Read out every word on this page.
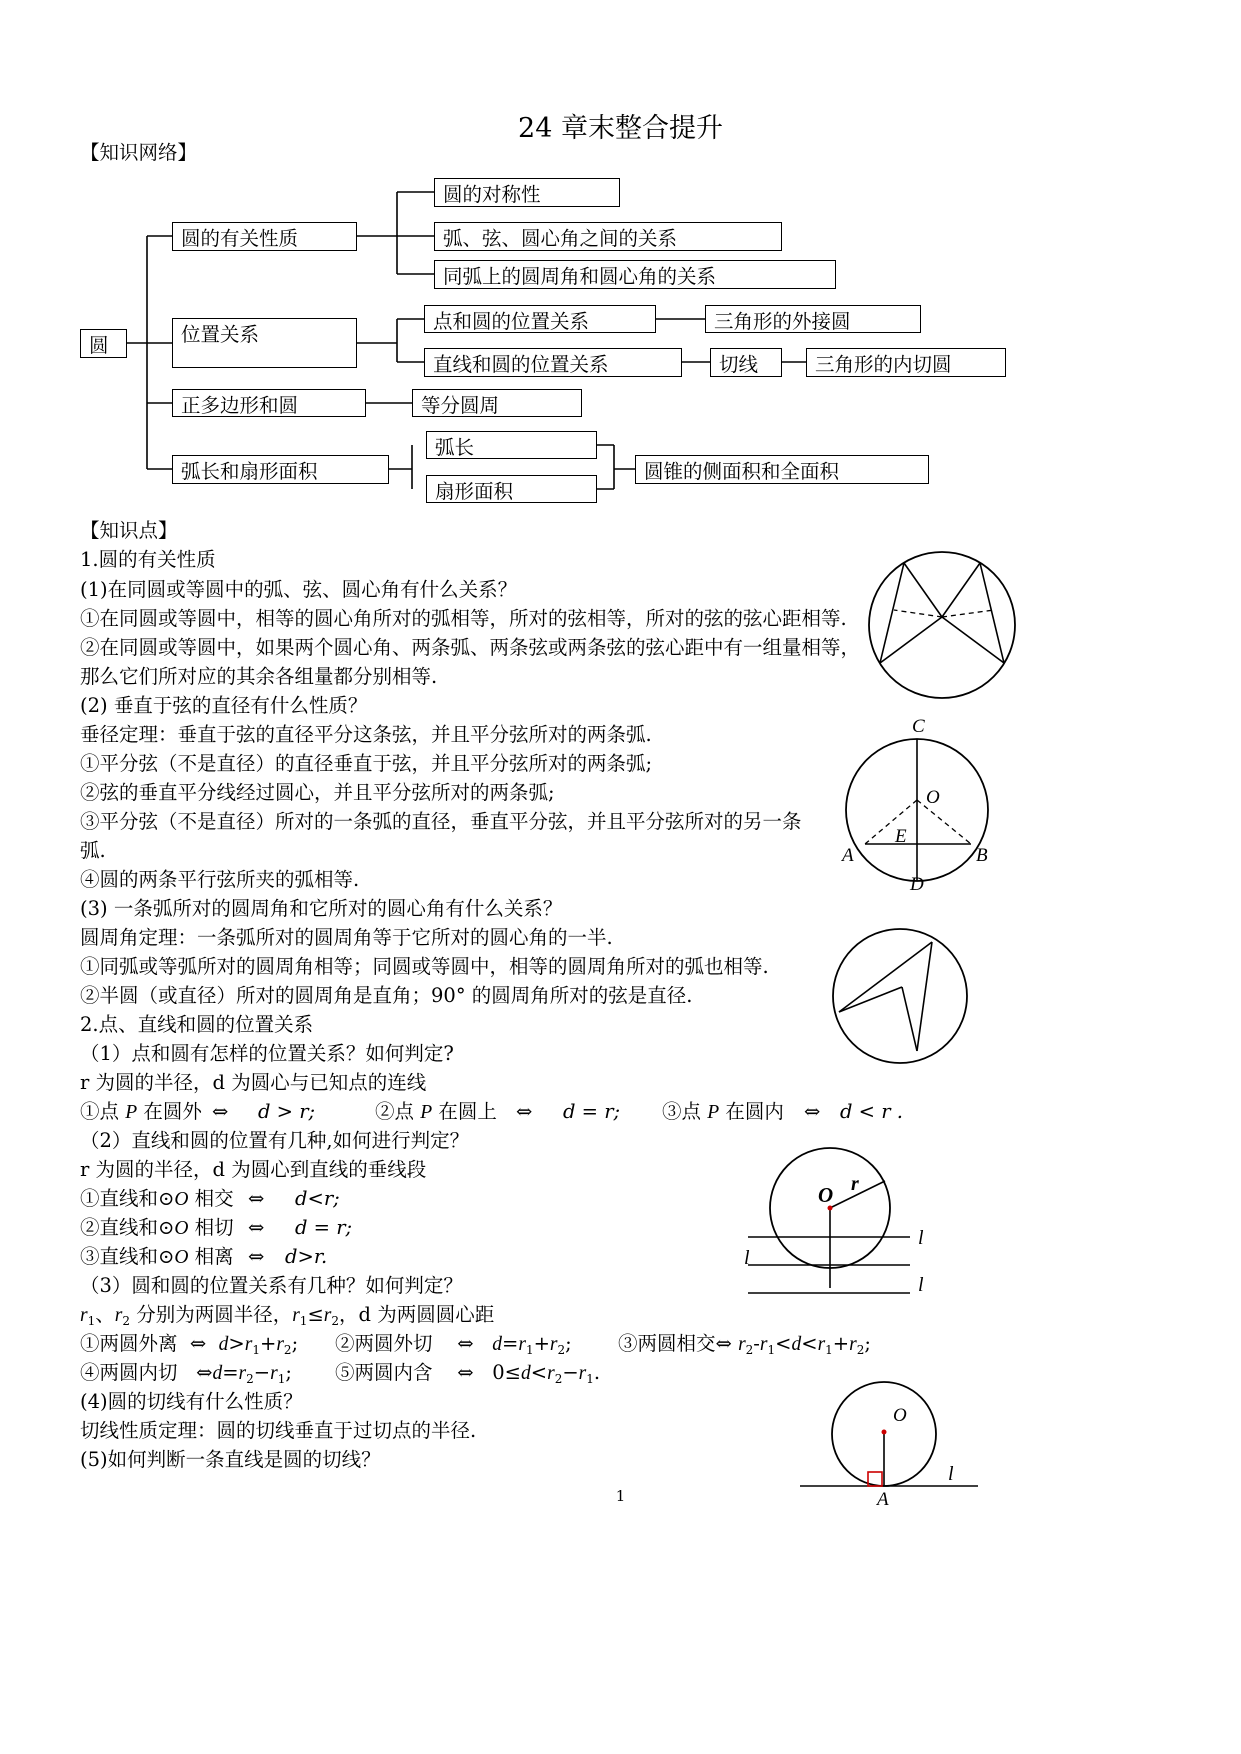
24 章末整合提升
【知识网络】
圆
圆的有关性质
圆的对称性
弧、弦、圆心角之间的关系
同弧上的圆周角和圆心角的关系
位置关系
点和圆的位置关系	三角形的外接圆
直线和圆的位置关系	切线	三角形的内切圆
正多边形和圆	等分圆周
弧长和扇形面积
弧长
扇形面积
圆锥的侧面积和全面积
【知识点】
1.圆的有关性质
(1)在同圆或等圆中的弧、弦、圆心角有什么关系？
①在同圆或等圆中，相等的圆心角所对的弧相等，所对的弦相等，所对的弦的弦心距相等.
②在同圆或等圆中，如果两个圆心角、两条弧、两条弦或两条弦的弦心距中有一组量相等，
那么它们所对应的其余各组量都分别相等.
(2) 垂直于弦的直径有什么性质？
垂径定理：垂直于弦的直径平分这条弦，并且平分弦所对的两条弧.
①平分弦（不是直径）的直径垂直于弦，并且平分弦所对的两条弧;
②弦的垂直平分线经过圆心，并且平分弦所对的两条弧;
③平分弦（不是直径）所对的一条弧的直径，垂直平分弦，并且平分弦所对的另一条
弧.
④圆的两条平行弦所夹的弧相等.
(3) 一条弧所对的圆周角和它所对的圆心角有什么关系？
圆周角定理：一条弧所对的圆周角等于它所对的圆心角的一半.
①同弧或等弧所对的圆周角相等；同圆或等圆中，相等的圆周角所对的弧也相等.
②半圆（或直径）所对的圆周角是直角；90° 的圆周角所对的弦是直径.
2.点、直线和圆的位置关系
（1）点和圆有怎样的位置关系？如何判定?
r 为圆的半径，d 为圆心与已知点的连线
①点 P 在圆外 ⇔ d > r;	②点 P 在圆上 ⇔ d = r; ③点 P 在圆内 ⇔ d < r .
（2）直线和圆的位置有几种,如何进行判定？
r 为圆的半径，d 为圆心到直线的垂线段
①直线和⊙O 相交 ⇔ d<r;
②直线和⊙O 相切 ⇔ d = r;
③直线和⊙O 相离 ⇔ d>r.
（3）圆和圆的位置关系有几种？如何判定？
$r_1$、$r_2$ 分别为两圆半径，$r_1\le r_2$，d 为两圆圆心距
①两圆外离  ⇔  $d>r_1+r_2$; ②两圆外切    ⇔   $d=r_1+r_2$; ③两圆相交⇔ $r_2-r_1<d<r_1+r_2$;
④两圆内切   $\Leftrightarrow d=r_2-r_1$; ⑤两圆内含    ⇔   $0\le d<r_2-r_1$.
(4)圆的切线有什么性质？
切线性质定理：圆的切线垂直于过切点的半径.
(5)如何判断一条直线是圆的切线？
C
O
E
A	B
D
O r
l
l
l
O
l
A
1
